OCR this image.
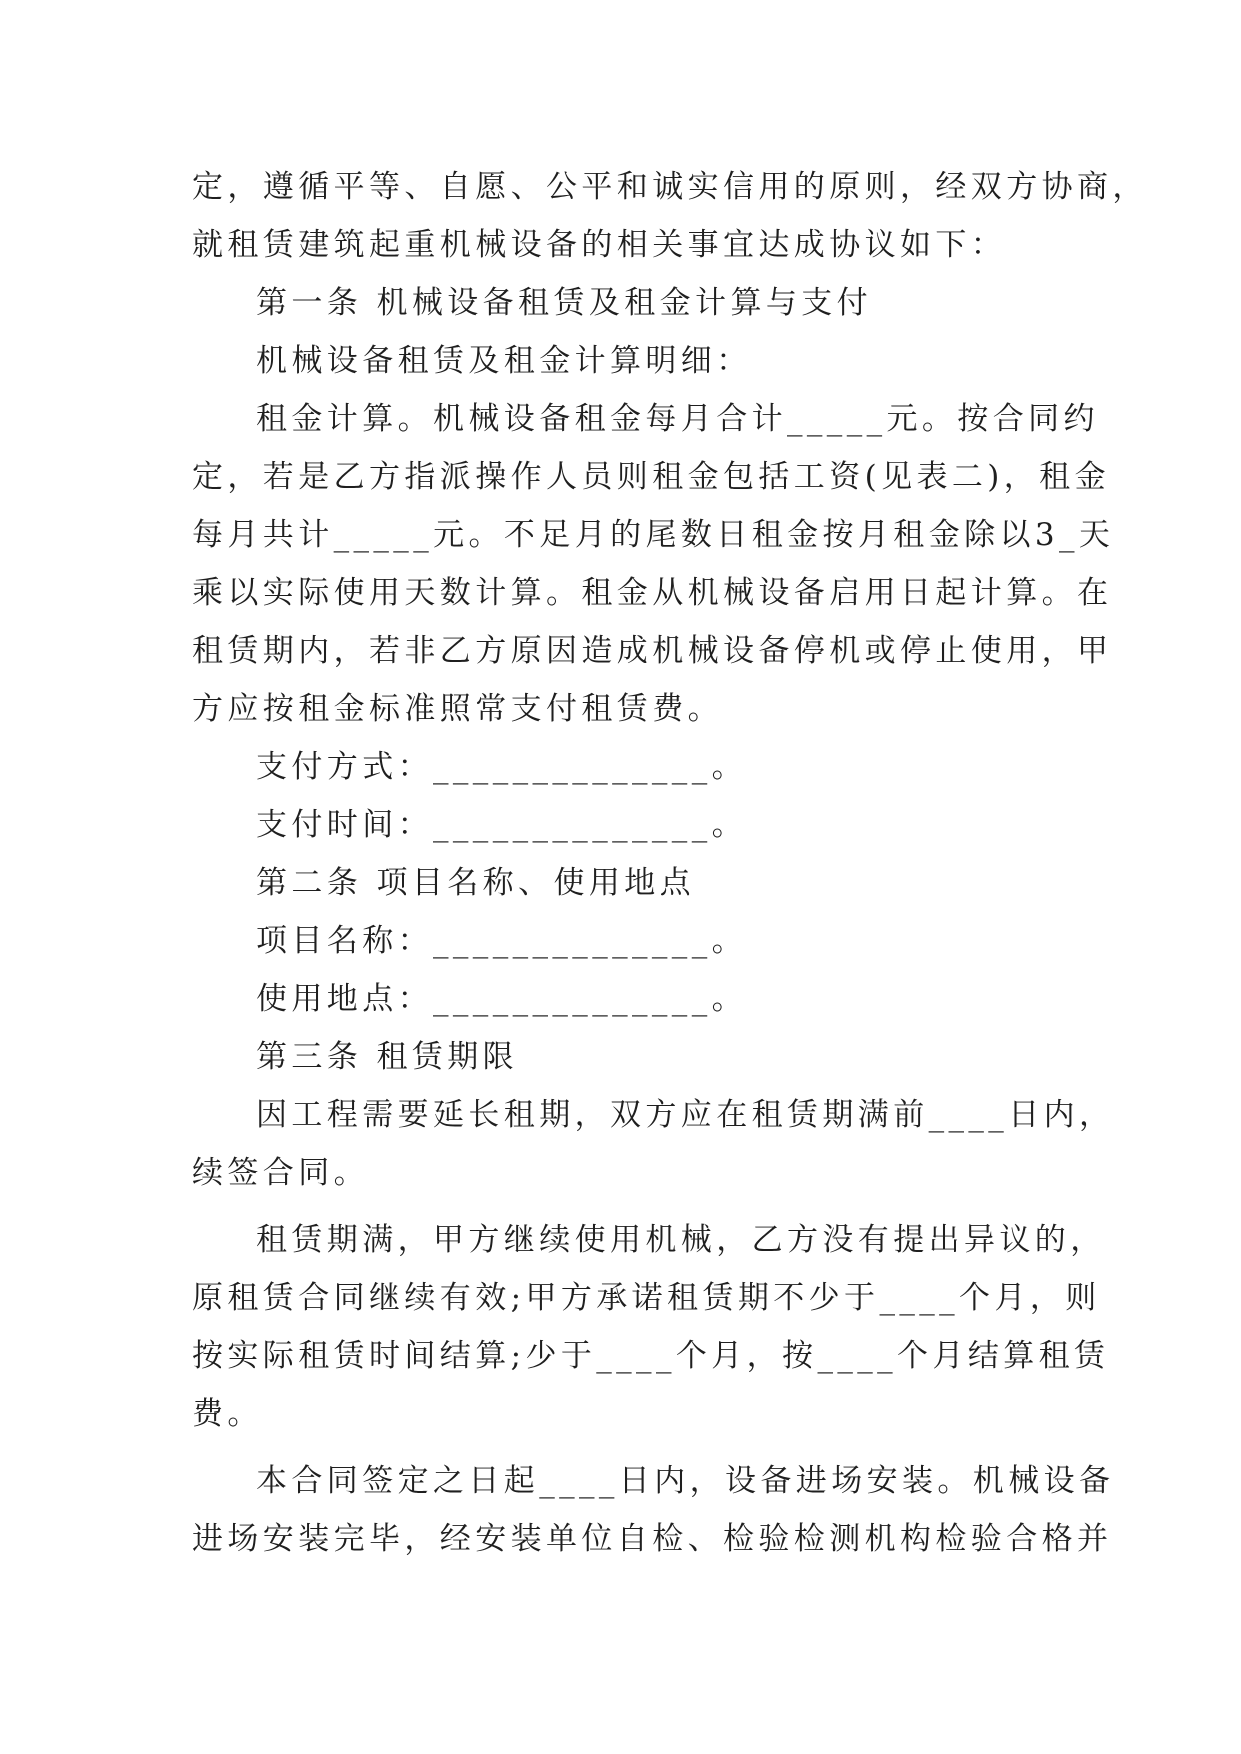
定，遵循平等、自愿、公平和诚实信用的原则，经双方协商，

就租赁建筑起重机械设备的相关事宜达成协议如下：

第一条 机械设备租赁及租金计算与支付

机械设备租赁及租金计算明细：

租金计算。机械设备租金每月合计_____元。按合同约

定，若是乙方指派操作人员则租金包括工资(见表二)，租金

每月共计_____元。不足月的尾数日租金按月租金除以3_天

乘以实际使用天数计算。租金从机械设备启用日起计算。在

租赁期内，若非乙方原因造成机械设备停机或停止使用，甲

方应按租金标准照常支付租赁费。

支付方式：______________。

支付时间：______________。

第二条 项目名称、使用地点

项目名称：______________。

使用地点：______________。

第三条 租赁期限

因工程需要延长租期，双方应在租赁期满前____日内，

续签合同。

租赁期满，甲方继续使用机械，乙方没有提出异议的，

原租赁合同继续有效;甲方承诺租赁期不少于____个月，则

按实际租赁时间结算;少于____个月，按____个月结算租赁

费。

本合同签定之日起____日内，设备进场安装。机械设备

进场安装完毕，经安装单位自检、检验检测机构检验合格并
